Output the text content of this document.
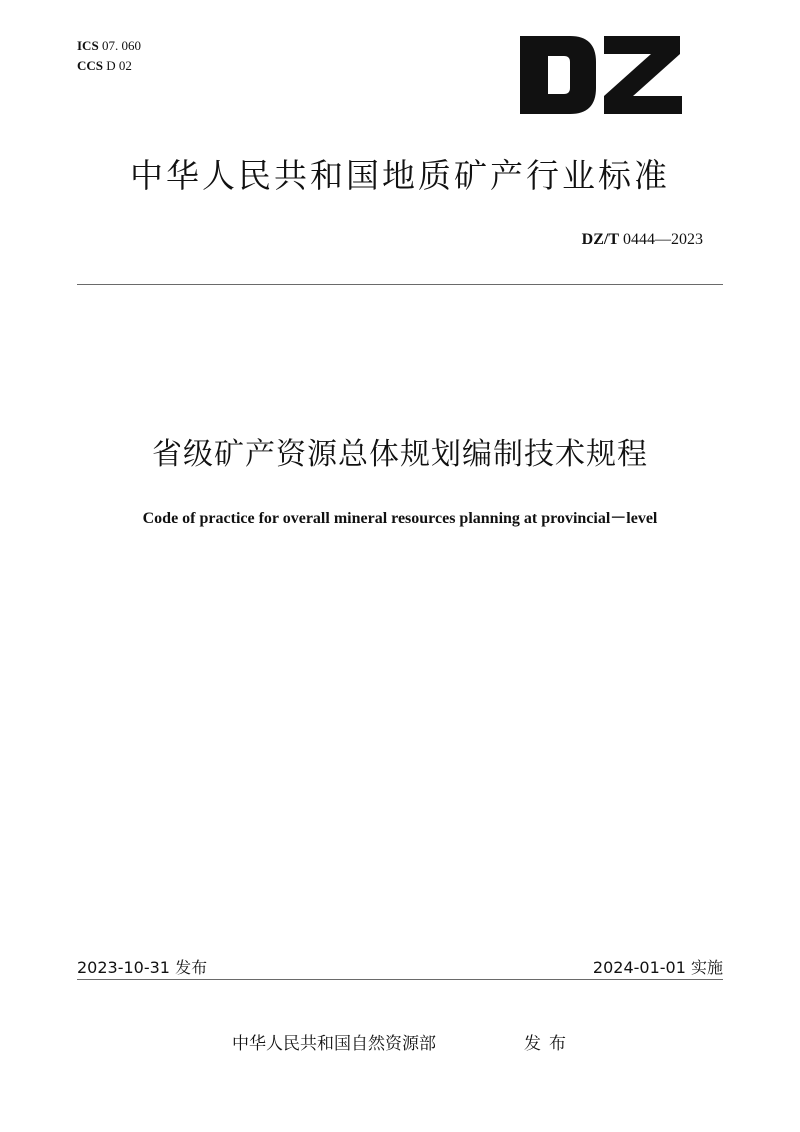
ICS 07. 060
CCS D 02
中华人民共和国地质矿产行业标准
DZ/T 0444—2023
省级矿产资源总体规划编制技术规程
Code of practice for overall mineral resources planning at provincial－level
2023-10-31 发布	2024-01-01 实施
中华人民共和国自然资源部	发布
